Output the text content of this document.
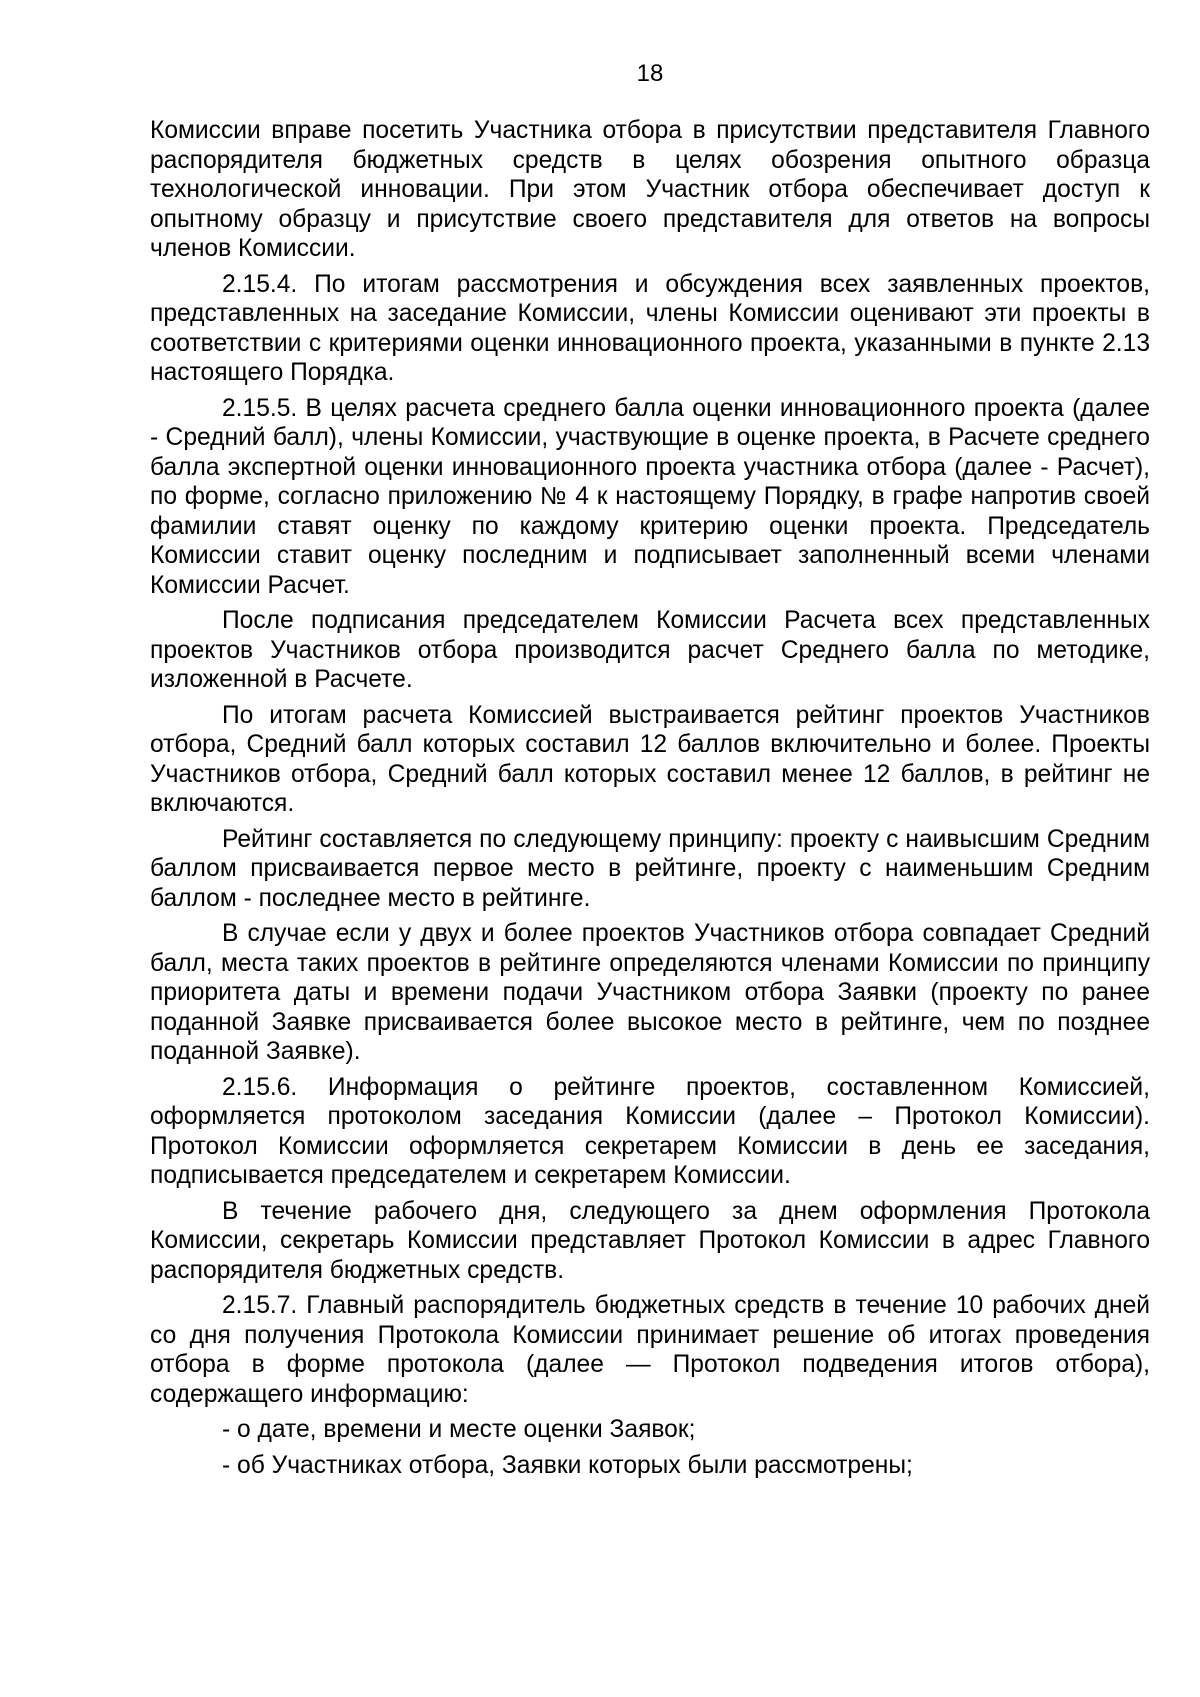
18

Комиссии вправе посетить Участника отбора в присутствии представителя Главного распорядителя бюджетных средств в целях обозрения опытного образца технологической инновации. При этом Участник отбора обеспечивает доступ к опытному образцу и присутствие своего представителя для ответов на вопросы членов Комиссии.

2.15.4. По итогам рассмотрения и обсуждения всех заявленных проектов, представленных на заседание Комиссии, члены Комиссии оценивают эти проекты в соответствии с критериями оценки инновационного проекта, указанными в пункте 2.13 настоящего Порядка.

2.15.5. В целях расчета среднего балла оценки инновационного проекта (далее - Средний балл), члены Комиссии, участвующие в оценке проекта, в Расчете среднего балла экспертной оценки инновационного проекта участника отбора (далее - Расчет), по форме, согласно приложению № 4 к настоящему Порядку, в графе напротив своей фамилии ставят оценку по каждому критерию оценки проекта. Председатель Комиссии ставит оценку последним и подписывает заполненный всеми членами Комиссии Расчет.

После подписания председателем Комиссии Расчета всех представленных проектов Участников отбора производится расчет Среднего балла по методике, изложенной в Расчете.

По итогам расчета Комиссией выстраивается рейтинг проектов Участников отбора, Средний балл которых составил 12 баллов включительно и более. Проекты Участников отбора, Средний балл которых составил менее 12 баллов, в рейтинг не включаются.

Рейтинг составляется по следующему принципу: проекту с наивысшим Средним баллом присваивается первое место в рейтинге, проекту с наименьшим Средним баллом - последнее место в рейтинге.

В случае если у двух и более проектов Участников отбора совпадает Средний балл, места таких проектов в рейтинге определяются членами Комиссии по принципу приоритета даты и времени подачи Участником отбора Заявки (проекту по ранее поданной Заявке присваивается более высокое место в рейтинге, чем по позднее поданной Заявке).

2.15.6. Информация о рейтинге проектов, составленном Комиссией, оформляется протоколом заседания Комиссии (далее – Протокол Комиссии). Протокол Комиссии оформляется секретарем Комиссии в день ее заседания, подписывается председателем и секретарем Комиссии.

В течение рабочего дня, следующего за днем оформления Протокола Комиссии, секретарь Комиссии представляет Протокол Комиссии в адрес Главного распорядителя бюджетных средств.

2.15.7. Главный распорядитель бюджетных средств в течение 10 рабочих дней со дня получения Протокола Комиссии принимает решение об итогах проведения отбора в форме протокола (далее — Протокол подведения итогов отбора), содержащего информацию:

- о дате, времени и месте оценки Заявок;

- об Участниках отбора, Заявки которых были рассмотрены;
